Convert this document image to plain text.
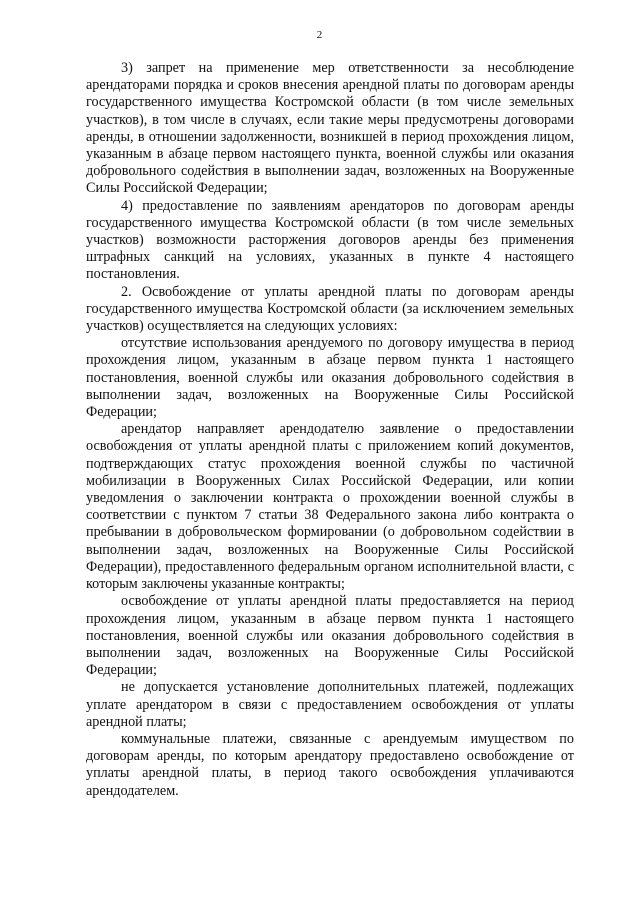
2

3) запрет на применение мер ответственности за несоблюдение арендаторами порядка и сроков внесения арендной платы по договорам аренды государственного имущества Костромской области (в том числе земельных участков), в том числе в случаях, если такие меры предусмотрены договорами аренды, в отношении задолженности, возникшей в период прохождения лицом, указанным в абзаце первом настоящего пункта, военной службы или оказания добровольного содействия в выполнении задач, возложенных на Вооруженные Силы Российской Федерации;

4) предоставление по заявлениям арендаторов по договорам аренды государственного имущества Костромской области (в том числе земельных участков) возможности расторжения договоров аренды без применения штрафных санкций на условиях, указанных в пункте 4 настоящего постановления.

2. Освобождение от уплаты арендной платы по договорам аренды государственного имущества Костромской области (за исключением земельных участков) осуществляется на следующих условиях:

отсутствие использования арендуемого по договору имущества в период прохождения лицом, указанным в абзаце первом пункта 1 настоящего постановления, военной службы или оказания добровольного содействия в выполнении задач, возложенных на Вооруженные Силы Российской Федерации;

арендатор направляет арендодателю заявление о предоставлении освобождения от уплаты арендной платы с приложением копий документов, подтверждающих статус прохождения военной службы по частичной мобилизации в Вооруженных Силах Российской Федерации, или копии уведомления о заключении контракта о прохождении военной службы в соответствии с пунктом 7 статьи 38 Федерального закона либо контракта о пребывании в добровольческом формировании (о добровольном содействии в выполнении задач, возложенных на Вооруженные Силы Российской Федерации), предоставленного федеральным органом исполнительной власти, с которым заключены указанные контракты;

освобождение от уплаты арендной платы предоставляется на период прохождения лицом, указанным в абзаце первом пункта 1 настоящего постановления, военной службы или оказания добровольного содействия в выполнении задач, возложенных на Вооруженные Силы Российской Федерации;

не допускается установление дополнительных платежей, подлежащих уплате арендатором в связи с предоставлением освобождения от уплаты арендной платы;

коммунальные платежи, связанные с арендуемым имуществом по договорам аренды, по которым арендатору предоставлено освобождение от уплаты арендной платы, в период такого освобождения уплачиваются арендодателем.
